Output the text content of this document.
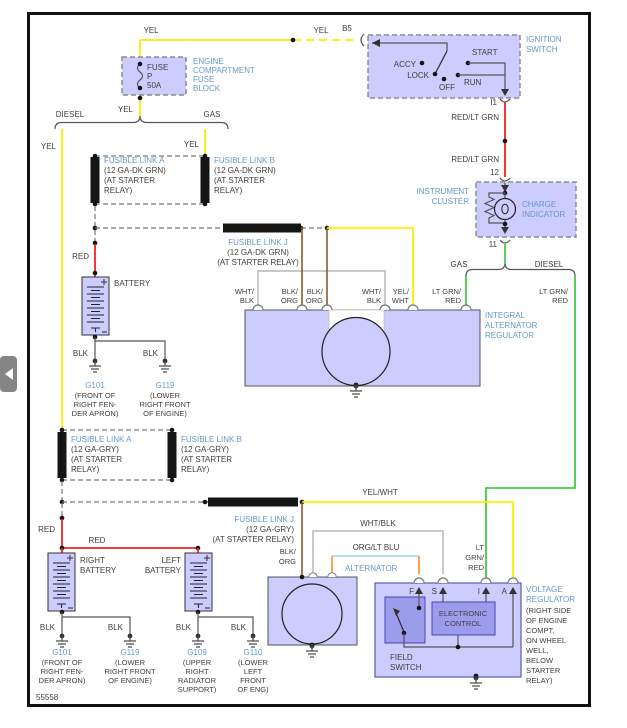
YEL	YEL B5
FUSE
P
50A
ENGINE
COMPARTMENT
FUSE
BLOCK
YEL
IGNITION
SWITCH
ACCY
LOCK
OFF
RUN
START
I1
RED/LT GRN
RED/LT GRN
12
INSTRUMENT
CLUSTER	CHARGE
INDICATOR
11
GAS	DIESEL
LT GRN/
RED
LT GRN/
RED
DIESEL	GAS
YEL	YEL
FUSIBLE LINK A
(12 GA-DK GRN)
(AT STARTER
RELAY)
FUSIBLE LINK B
(12 GA-DK GRN)
(AT STARTER
RELAY)
FUSIBLE LINK J
(12 GA-DK GRN)
(AT STARTER RELAY)
RED
BATTERY
BLK	BLK
G101
(FRONT OF
RIGHT FEN-
DER APRON)
G119
(LOWER
RIGHT FRONT
OF ENGINE)
WHT/
BLK
BLK/
ORG
BLK/
ORG
WHT/
BLK
YEL/
WHT
INTEGRAL
ALTERNATOR
REGULATOR
FUSIBLE LINK A
(12 GA-GRY)
(AT STARTER
RELAY)
FUSIBLE LINK B
(12 GA-GRY)
(AT STARTER
RELAY)
FUSIBLE LINK J
(12 GA-GRY)
(AT STARTER RELAY)
RED
RED
RIGHT
BATTERY
LEFT
BATTERY
BLK	BLK	BLK	BLK
G101
(FRONT OF
RIGHT FEN-
DER APRON)
G119
(LOWER
RIGHT FRONT
OF ENGINE)
G109
(UPPER
RIGHT
RADIATOR
SUPPORT)
G110
(LOWER
LEFT
FRONT
OF ENG)
YEL/WHT
BLK/
ORG
WHT/BLK
ORG/LT BLU
ALTERNATOR
LT
GRN/
RED
F S	I	A
ELECTRONIC
CONTROL
FIELD
SWITCH
VOLTAGE
REGULATOR
(RIGHT SIDE
OF ENGINE
COMPT,
ON WHEEL
WELL,
BELOW
STARTER
RELAY)
55558
